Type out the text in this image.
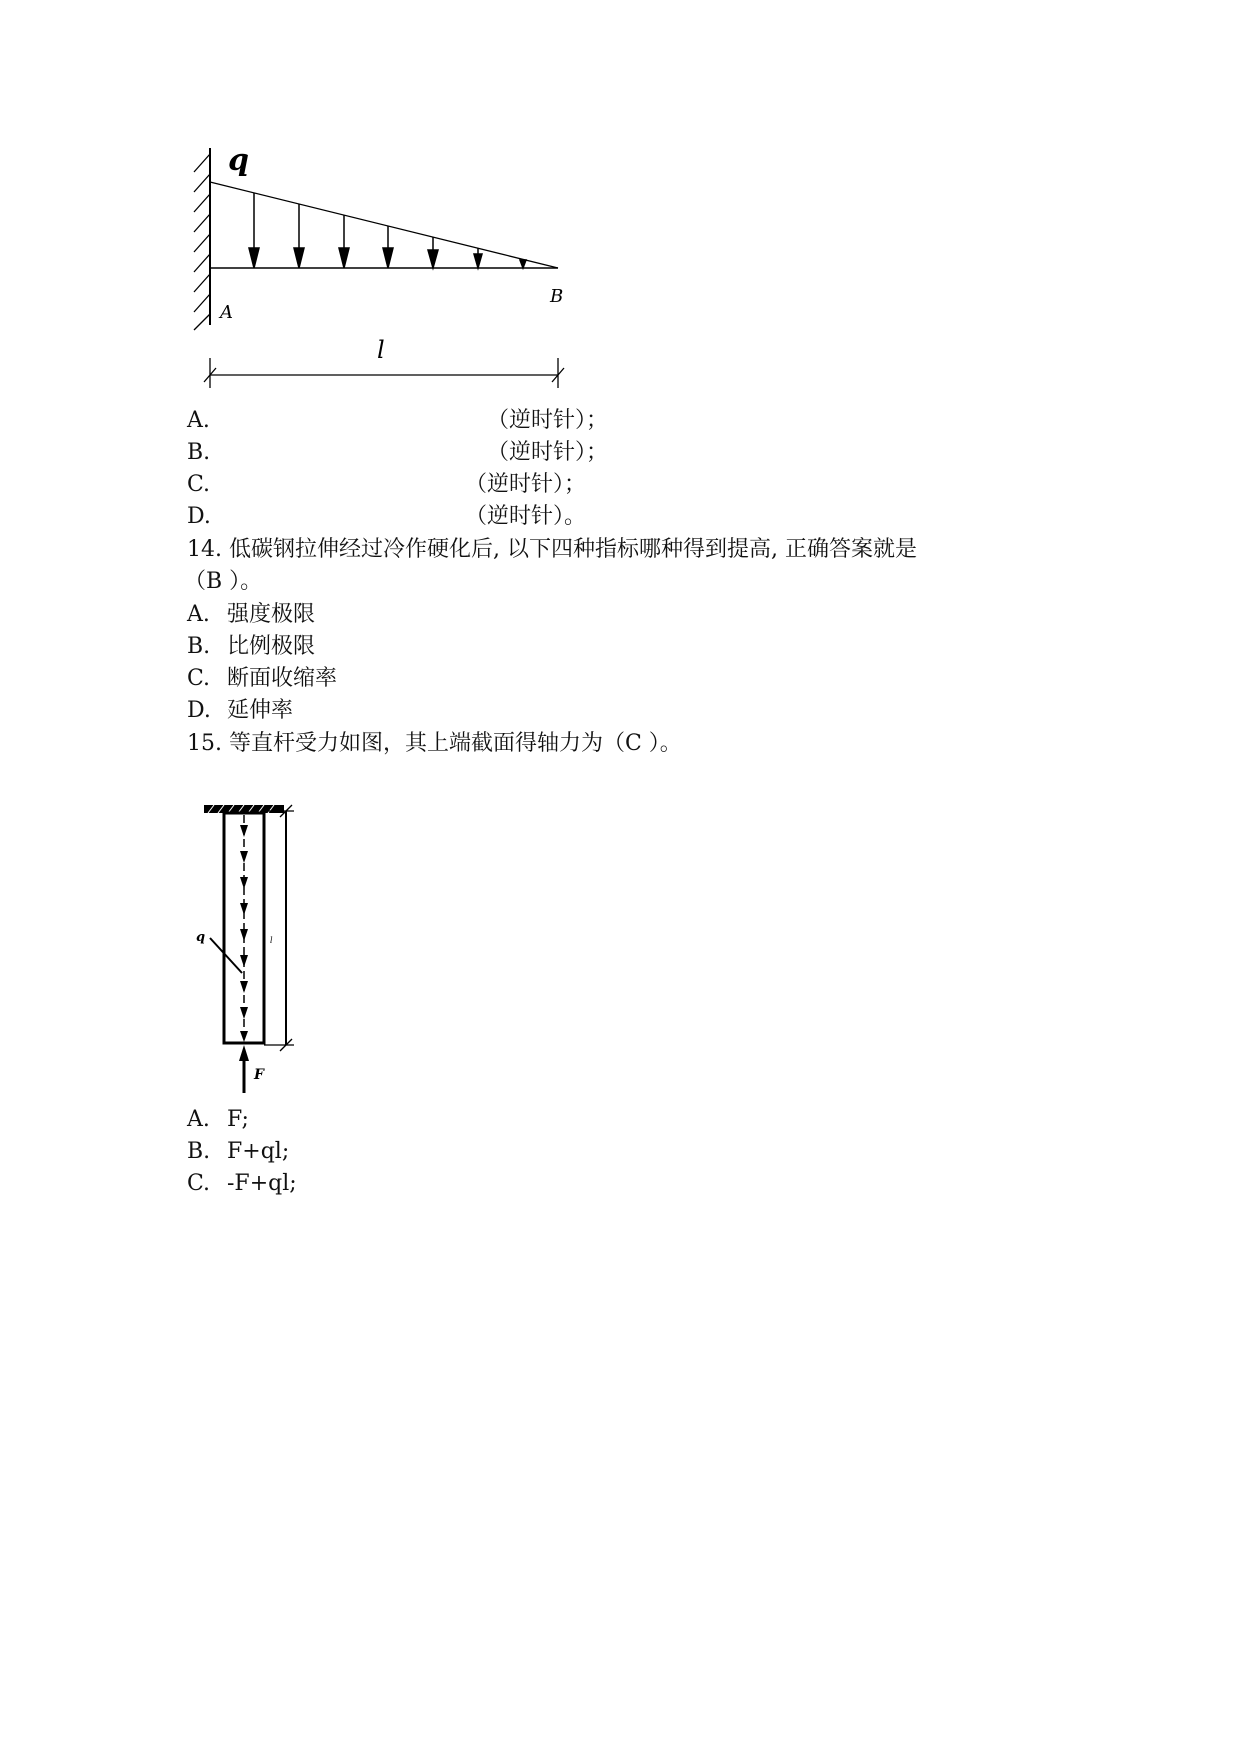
q
A
B
l
A.	（逆时针）；
B.	（逆时针）；
C.	（逆时针）；
D.	（逆时针）。
14. 低碳钢拉伸经过冷作硬化后, 以下四种指标哪种得到提高, 正确答案就是
（B ）。
A. 强度极限
B. 比例极限
C. 断面收缩率
D. 延伸率
15. 等直杆受力如图，其上端截面得轴力为（C ）。
q	l
F
A. F;
B. F+ql;
C. -F+ql;
